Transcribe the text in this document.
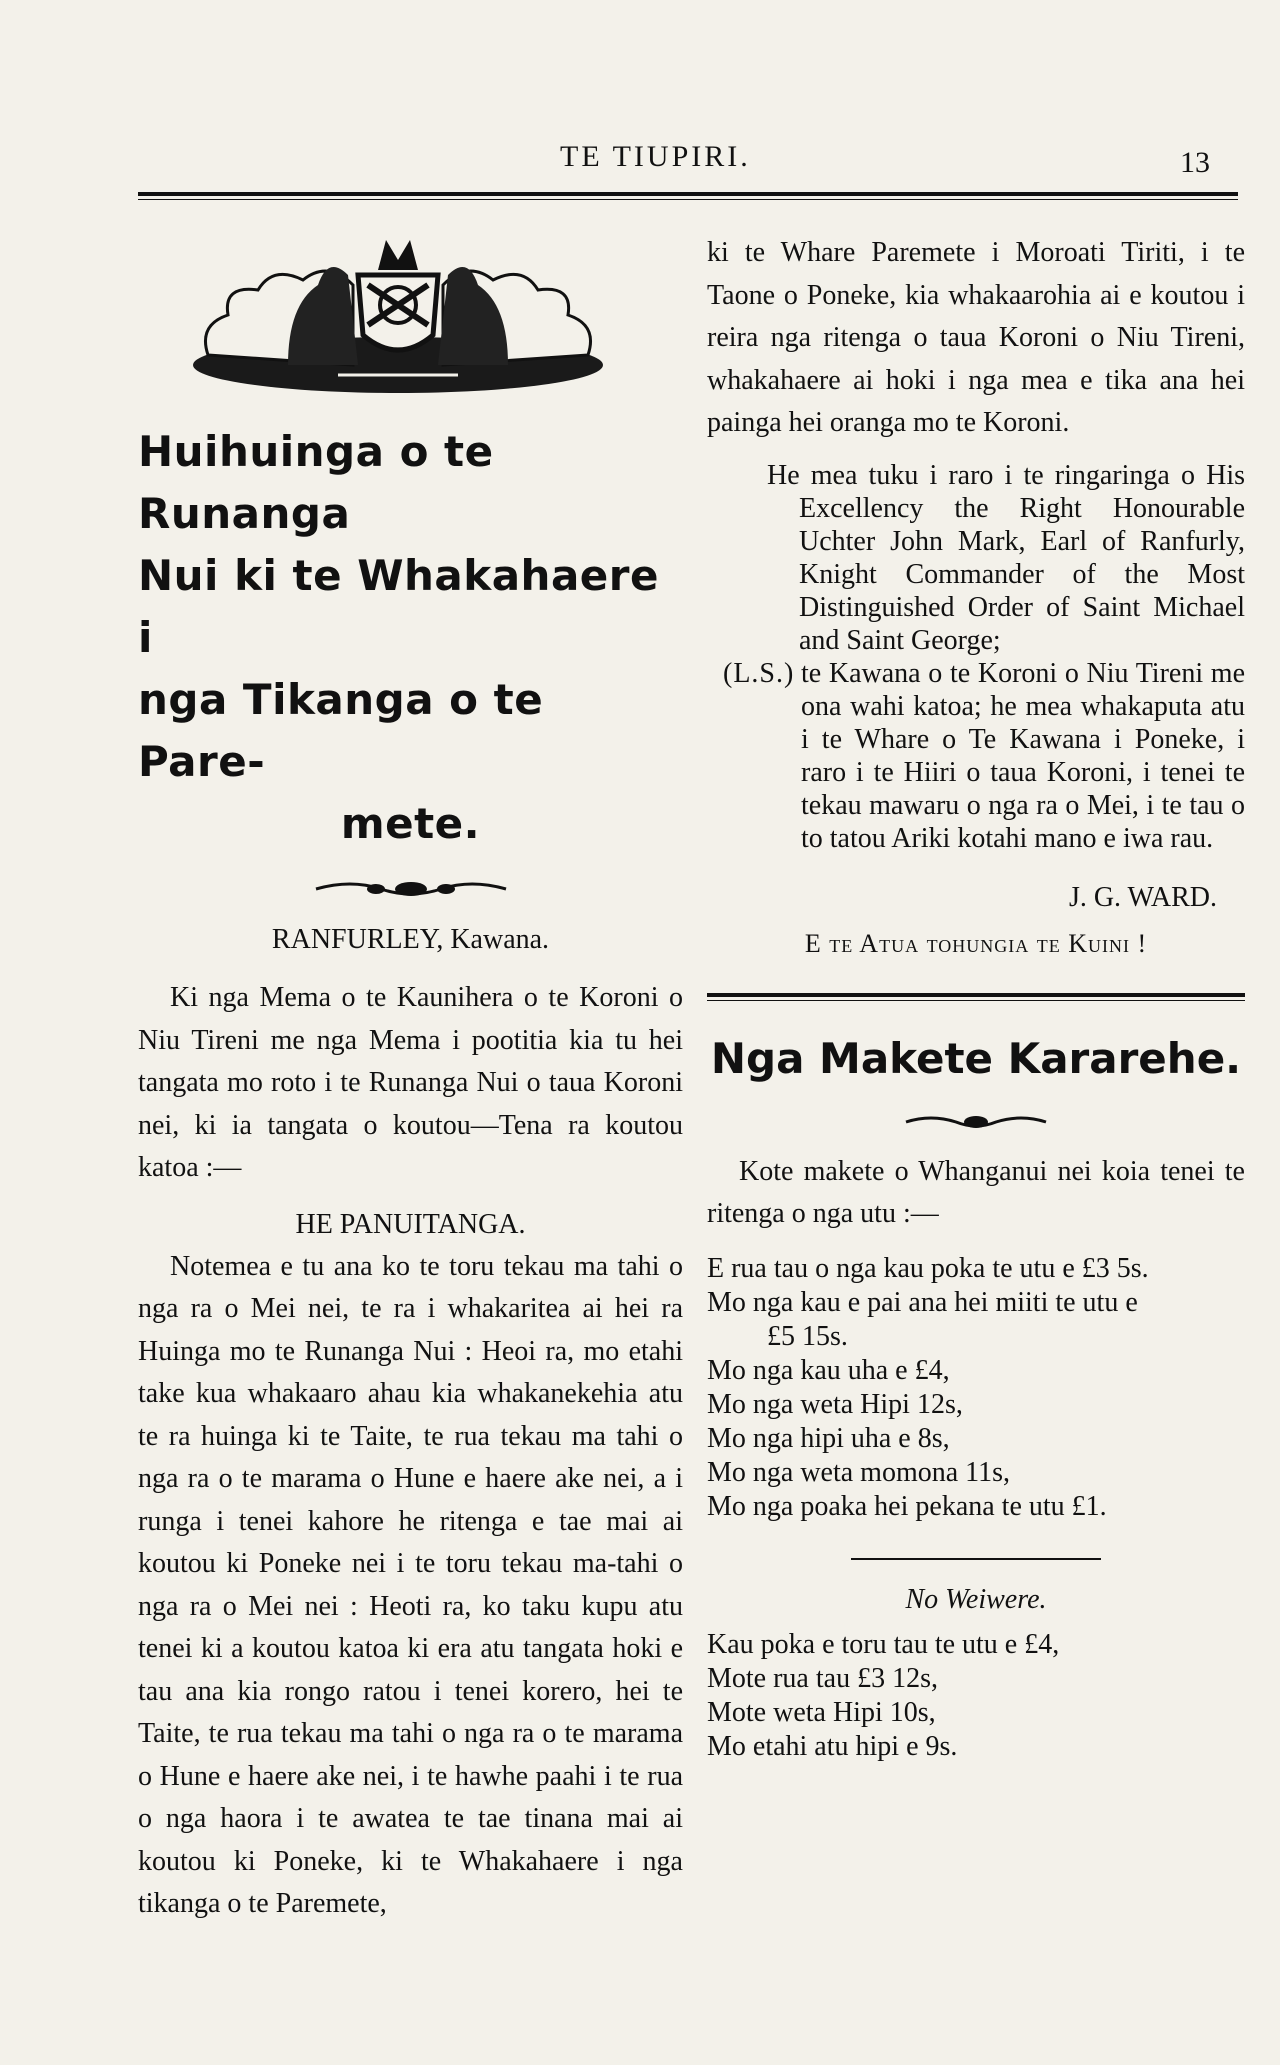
TE TIUPIRI.	13
Huihuinga o te Runanga
Nui ki te Whakahaere i
nga Tikanga o te Pare-
mete.

RANFURLEY, Kawana.

Ki nga Mema o te Kaunihera o te Koroni o Niu Tireni me nga Mema i pootitia kia tu hei tangata mo roto i te Runanga Nui o taua Koroni nei, ki ia tangata o koutou—Tena ra koutou katoa :—

HE PANUITANGA.

Notemea e tu ana ko te toru tekau ma tahi o nga ra o Mei nei, te ra i whakaritea ai hei ra Huinga mo te Runanga Nui : Heoi ra, mo etahi take kua whakaaro ahau kia whakanekehia atu te ra huinga ki te Taite, te rua tekau ma tahi o nga ra o te marama o Hune e haere ake nei, a i runga i tenei kahore he ritenga e tae mai ai koutou ki Poneke nei i te toru tekau ma-tahi o nga ra o Mei nei : Heoti ra, ko taku kupu atu tenei ki a koutou katoa ki era atu tangata hoki e tau ana kia rongo ratou i tenei korero, hei te Taite, te rua tekau ma tahi o nga ra o te marama o Hune e haere ake nei, i te hawhe paahi i te rua o nga haora i te awatea te tae tinana mai ai koutou ki Poneke, ki te Whakahaere i nga tikanga o te Paremete,

ki te Whare Paremete i Moroati Tiriti, i te Taone o Poneke, kia whakaarohia ai e koutou i reira nga ritenga o taua Koroni o Niu Tireni, whakahaere ai hoki i nga mea e tika ana hei painga hei oranga mo te Koroni.

He mea tuku i raro i te ringaringa o His Excellency the Right Honourable Uchter John Mark, Earl of Ranfurly, Knight Commander of the Most Distinguished Order of Saint Michael and Saint George;

(L.S.) te Kawana o te Koroni o Niu Tireni me ona wahi katoa; he mea whakaputa atu i te Whare o Te Kawana i Poneke, i raro i te Hiiri o taua Koroni, i tenei te tekau mawaru o nga ra o Mei, i te tau o to tatou Ariki kotahi mano e iwa rau.

J. G. WARD.

E te Atua tohungia te Kuini !

Nga Makete Kararehe.

Kote makete o Whanganui nei koia tenei te ritenga o nga utu :—

E rua tau o nga kau poka te utu e £3 5s.
Mo nga kau e pai ana hei miiti te utu e
£5 15s.
Mo nga kau uha e £4,
Mo nga weta Hipi 12s,
Mo nga hipi uha e 8s,
Mo nga weta momona 11s,
Mo nga poaka hei pekana te utu £1.
No Weiwere.
Kau poka e toru tau te utu e £4,
Mote rua tau £3 12s,
Mote weta Hipi 10s,
Mo etahi atu hipi e 9s.
